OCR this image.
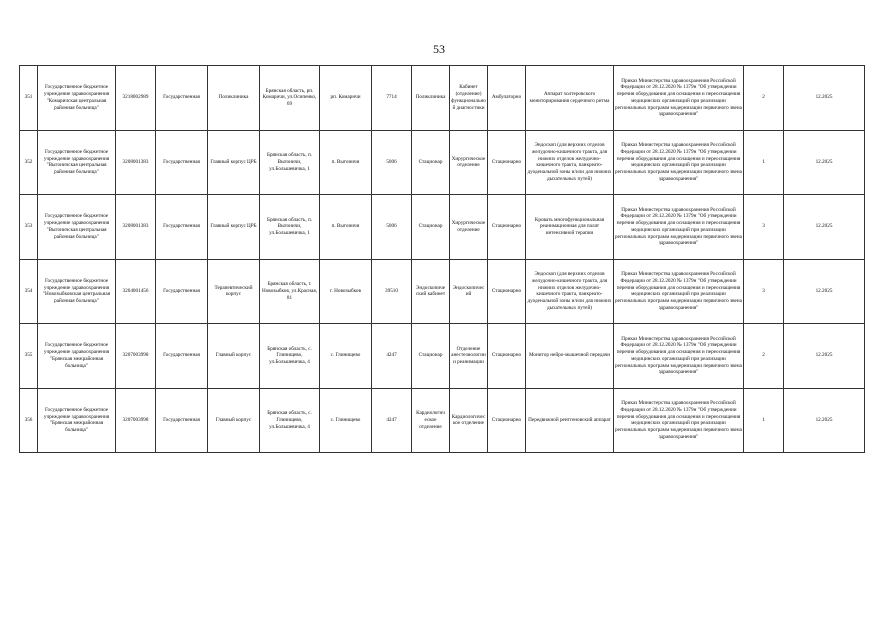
53
351	Государственное бюджетное учреждение здравоохранения "Комаричская центральная районная больница"	3218002989	Государственная	Поликлиника	Брянская область, рп. Комаричи, ул.Осипенко, 69	рп. Комаричи	7714	Поликлиника	Кабинет (отделение) функционально й диагностики	Амбулаторно	Аппарат холтеровского мониторирования сердечного ритма	Приказ Министерства здравоохранения Российской Федерации от 28.12.2020 № 1379н "Об утверждении перечня оборудования для оснащения и переоснащения медицинских организаций при реализации региональных программ модернизации первичного звена здравоохранения"	2	12.2025
352	Государственное бюджетное учреждение здравоохранения "Выгоничская центральная районная больница"	3208001383	Государственная	Главный корпус ЦРБ	Брянская область, п. Выгоничи, ул.Большевичка, 1	п. Выгоничи	5006	Стационар	Хирургическое отделение	Стационарно	Эндоскоп (для верхних отделов желудочно-кишечного тракта, для нижних отделов желудочно-кишечного тракта, панкреато-дуоденальной зоны и/или для нижних дыхательных путей)	Приказ Министерства здравоохранения Российской Федерации от 28.12.2020 № 1379н "Об утверждении перечня оборудования для оснащения и переоснащения медицинских организаций при реализации региональных программ модернизации первичного звена здравоохранения"	1	12.2025
353	Государственное бюджетное учреждение здравоохранения "Выгоничская центральная районная больница"	3208001383	Государственная	Главный корпус ЦРБ	Брянская область, п. Выгоничи, ул.Большевичка, 1	п. Выгоничи	5006	Стационар	Хирургическое отделение	Стационарно	Кровать многофункциональная реанимационная для палат интенсивной терапии	Приказ Министерства здравоохранения Российской Федерации от 28.12.2020 № 1379н "Об утверждении перечня оборудования для оснащения и переоснащения медицинских организаций при реализации региональных программ модернизации первичного звена здравоохранения"	3	12.2025
354	Государственное бюджетное учреждение здравоохранения "Новозыбковская центральная районная больница"	3204001456	Государственная	Терапевтический корпус	Брянская область, г. Новозыбков, ул.Красная, 81	г. Новозыбков	39510	Эндоскопиче ский кабинет	Эндоскопичес ий	Стационарно	Эндоскоп (для верхних отделов желудочно-кишечного тракта, для нижних отделов желудочно-кишечного тракта, панкреато-дуоденальной зоны и/или для нижних дыхательных путей)	Приказ Министерства здравоохранения Российской Федерации от 28.12.2020 № 1379н "Об утверждении перечня оборудования для оснащения и переоснащения медицинских организаций при реализации региональных программ модернизации первичного звена здравоохранения"	3	12.2025
355	Государственное бюджетное учреждение здравоохранения "Брянская межрайонная больница"	3207003998	Государственная	Главный корпус	Брянская область, с. Глинищево, ул.Большевичка, 4	с. Глинищево	4247	Стационар	Отделение анестезиологии и реанимации	Стационарно	Монитор нейро-мышечной передачи	Приказ Министерства здравоохранения Российской Федерации от 28.12.2020 № 1379н "Об утверждении перечня оборудования для оснащения и переоснащения медицинских организаций при реализации региональных программ модернизации первичного звена здравоохранения"	2	12.2025
356	Государственное бюджетное учреждение здравоохранения "Брянская межрайонная больница"	3207003998	Государственная	Главный корпус	Брянская область, с. Глинищево, ул.Большевичка, 4	с. Глинищево	4247	Кардиологич еское отделение	Кардиологичес кое отделение	Стационарно	Передвижной рентгеновский аппарат	Приказ Министерства здравоохранения Российской Федерации от 28.12.2020 № 1379н "Об утверждении перечня оборудования для оснащения и переоснащения медицинских организаций при реализации региональных программ модернизации первичного звена здравоохранения"	1	12.2025
